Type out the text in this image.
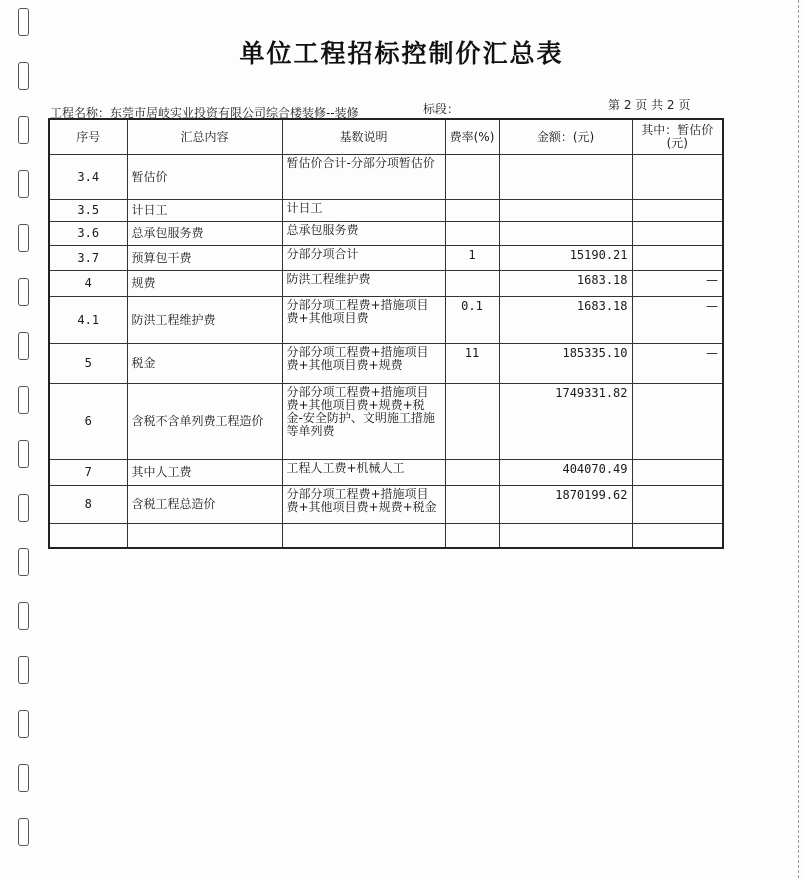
单位工程招标控制价汇总表
工程名称：东莞市居岐实业投资有限公司综合楼装修--装修	标段：	第 2 页 共 2 页
序号	汇总内容	基数说明	费率(%)	金额：(元)	其中：暂估价(元)
3.4	暂估价	暂估价合计-分部分项暂估价			
3.5	计日工	计日工			
3.6	总承包服务费	总承包服务费			
3.7	预算包干费	分部分项合计	1	15190.21	
4	规费	防洪工程维护费		1683.18	—
4.1	防洪工程维护费	分部分项工程费+措施项目费+其他项目费	0.1	1683.18	—
5	税金	分部分项工程费+措施项目费+其他项目费+规费	11	185335.10	—
6	含税不含单列费工程造价	分部分项工程费+措施项目费+其他项目费+规费+税金-安全防护、文明施工措施等单列费		1749331.82	
7	其中人工费	工程人工费+机械人工		404070.49	
8	含税工程总造价	分部分项工程费+措施项目费+其他项目费+规费+税金		1870199.62	
